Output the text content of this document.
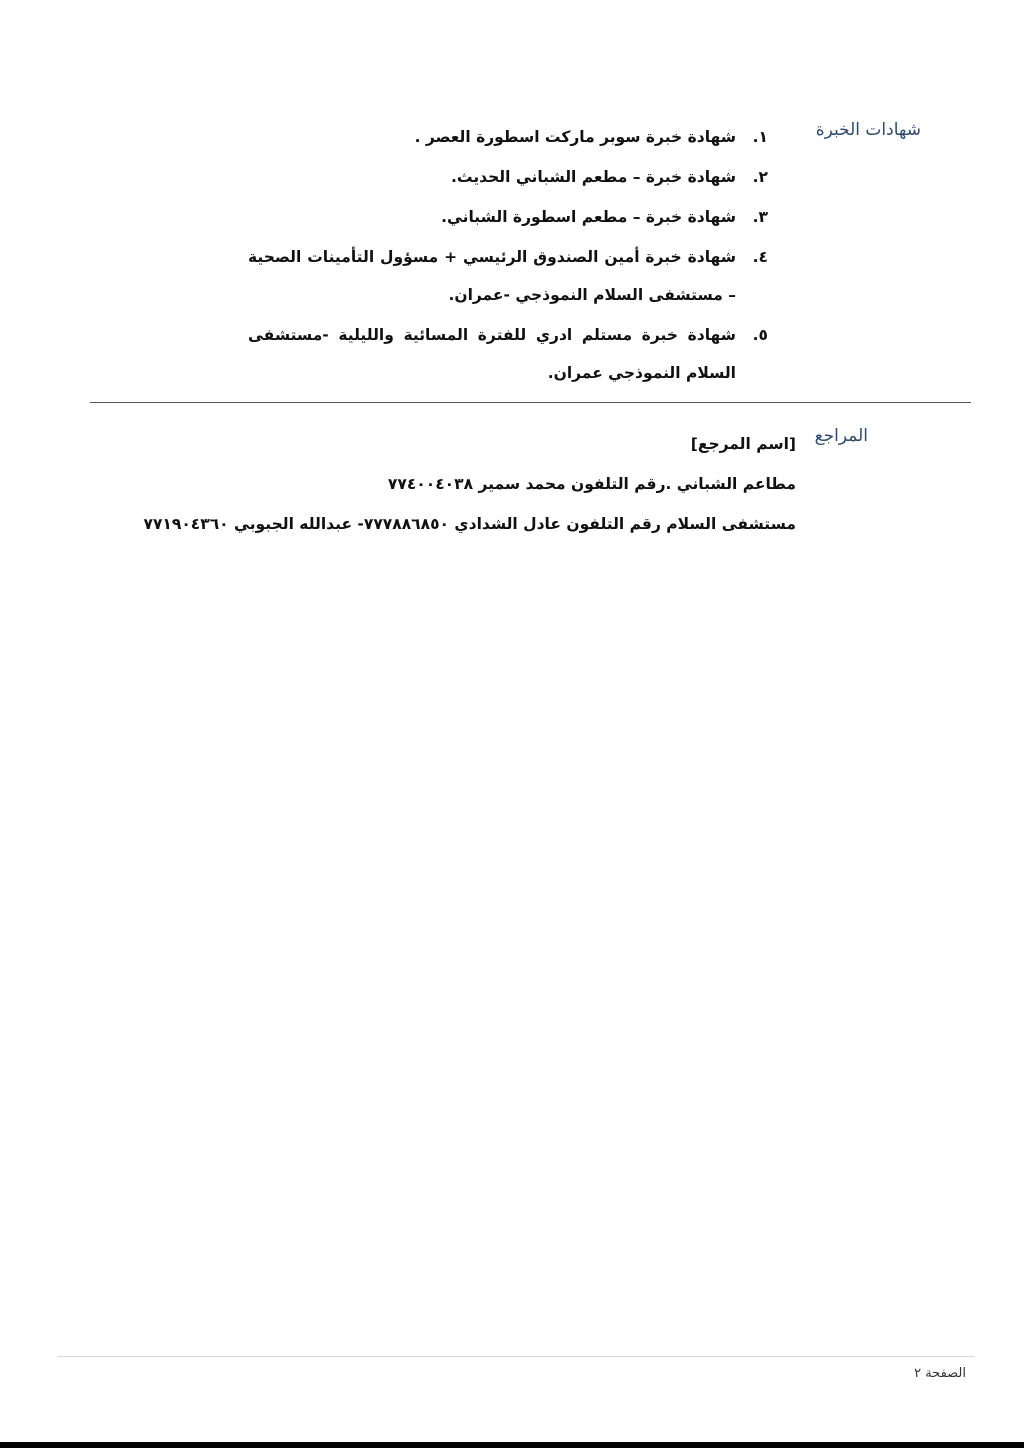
شهادات الخبرة
١.
شهادة خبرة سوبر ماركت اسطورة العصر .
٢.
شهادة خبرة – مطعم الشباني الحديث.
٣.
شهادة خبرة – مطعم اسطورة الشباني.
٤.
شهادة خبرة أمين الصندوق الرئيسي + مسؤول التأمينات الصحية – مستشفى السلام النموذجي -عمران.
٥.
شهادة خبرة مستلم ادري للفترة المسائية والليلية -مستشفى السلام النموذجي عمران.
المراجع
[اسم المرجع]
مطاعم الشباني .رقم التلفون محمد سمير ٧٧٤٠٠٤٠٣٨
مستشفى السلام رقم التلفون عادل الشدادي ٧٧٧٨٨٦٨٥٠- عبدالله الجبوبي ٧٧١٩٠٤٣٦٠
الصفحة ٢
